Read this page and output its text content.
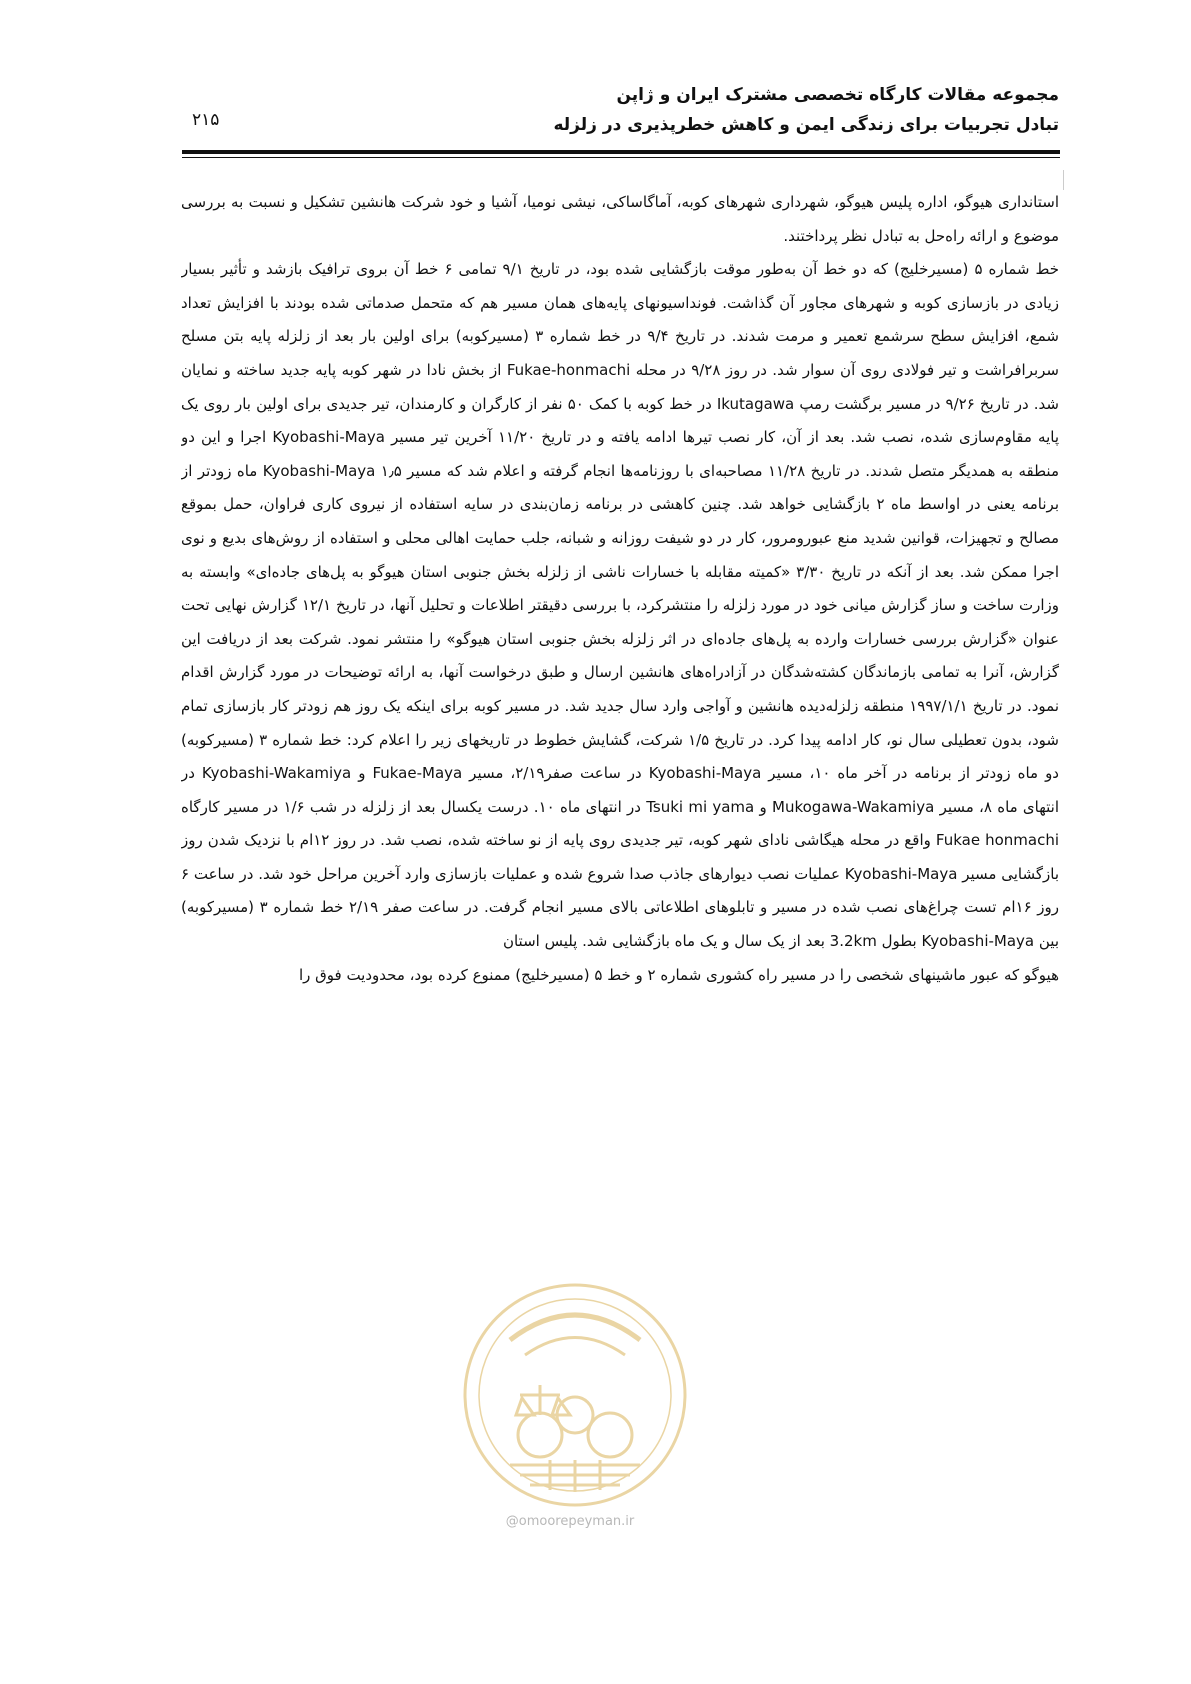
مجموعه مقالات کارگاه تخصصی مشترک ایران و ژاپن
تبادل تجربیات برای زندگی ایمن و کاهش خطرپذیری در زلزله
۲۱۵

استانداری هیوگو، اداره پلیس هیوگو، شهرداری شهرهای کوبه، آماگاساکی، نیشی نومیا، آشیا و خود شرکت هانشین تشکیل و نسبت به بررسی موضوع و ارائه راه‌حل به تبادل نظر پرداختند.

خط شماره ۵ (مسیرخلیج) که دو خط آن به‌طور موقت بازگشایی شده بود، در تاریخ ۹/۱ تمامی ۶ خط آن بروی ترافیک بازشد و تأثیر بسیار زیادی در بازسازی کوبه و شهرهای مجاور آن گذاشت. فونداسیونهای پایه‌های همان مسیر هم که متحمل صدماتی شده بودند با افزایش تعداد شمع، افزایش سطح سرشمع تعمیر و مرمت شدند. در تاریخ ۹/۴ در خط شماره ۳ (مسیرکوبه) برای اولین بار بعد از زلزله پایه بتن مسلح سربرافراشت و تیر فولادی روی آن سوار شد. در روز ۹/۲۸ در محله Fukae-honmachi از بخش نادا در شهر کوبه پایه جدید ساخته و نمایان شد. در تاریخ ۹/۲۶ در مسیر برگشت رمپ Ikutagawa در خط کوبه با کمک ۵۰ نفر از کارگران و کارمندان، تیر جدیدی برای اولین بار روی یک پایه مقاوم‌سازی شده، نصب شد. بعد از آن، کار نصب تیرها ادامه یافته و در تاریخ ۱۱/۲۰ آخرین تیر مسیر Kyobashi-Maya اجرا و این دو منطقه به همدیگر متصل شدند. در تاریخ ۱۱/۲۸ مصاحبه‌ای با روزنامه‌ها انجام گرفته و اعلام شد که مسیر Kyobashi-Maya ۱٫۵ ماه زودتر از برنامه یعنی در اواسط ماه ۲ بازگشایی خواهد شد. چنین کاهشی در برنامه زمان‌بندی در سایه استفاده از نیروی کاری فراوان، حمل بموقع مصالح و تجهیزات، قوانین شدید منع عبورومرور، کار در دو شیفت روزانه و شبانه، جلب حمایت اهالی محلی و استفاده از روش‌های بدیع و نوی اجرا ممکن شد. بعد از آنکه در تاریخ ۳/۳۰ «کمیته مقابله با خسارات ناشی از زلزله بخش جنوبی استان هیوگو به پل‌های جاده‌ای» وابسته به وزارت ساخت و ساز گزارش میانی خود در مورد زلزله را منتشرکرد، با بررسی دقیقتر اطلاعات و تحلیل آنها، در تاریخ ۱۲/۱ گزارش نهایی تحت عنوان «گزارش بررسی خسارات وارده به پل‌های جاده‌ای در اثر زلزله بخش جنوبی استان هیوگو» را منتشر نمود. شرکت بعد از دریافت این گزارش، آنرا به تمامی بازماندگان کشته‌شدگان در آزادراه‌های هانشین ارسال و طبق درخواست آنها، به ارائه توضیحات در مورد گزارش اقدام نمود. در تاریخ ۱۹۹۷/۱/۱ منطقه زلزله‌دیده هانشین و آواجی وارد سال جدید شد. در مسیر کوبه برای اینکه یک روز هم زودتر کار بازسازی تمام شود، بدون تعطیلی سال نو، کار ادامه پیدا کرد. در تاریخ ۱/۵ شرکت، گشایش خطوط در تاریخهای زیر را اعلام کرد: خط شماره ۳ (مسیرکوبه) دو ماه زودتر از برنامه در آخر ماه ۱۰، مسیر Kyobashi-Maya در ساعت صفر۲/۱۹، مسیر Fukae-Maya و Kyobashi-Wakamiya در انتهای ماه ۸، مسیر Mukogawa-Wakamiya و Tsuki mi yama در انتهای ماه ۱۰. درست یکسال بعد از زلزله در شب ۱/۶ در مسیر کارگاه Fukae honmachi واقع در محله هیگاشی نادای شهر کوبه، تیر جدیدی روی پایه از نو ساخته شده، نصب شد. در روز ۱۲ام با نزدیک شدن روز بازگشایی مسیر Kyobashi-Maya عملیات نصب دیوارهای جاذب صدا شروع شده و عملیات بازسازی وارد آخرین مراحل خود شد. در ساعت ۶ روز ۱۶ام تست چراغ‌های نصب شده در مسیر و تابلوهای اطلاعاتی بالای مسیر انجام گرفت. در ساعت صفر ۲/۱۹ خط شماره ۳ (مسیرکوبه) بین Kyobashi-Maya بطول 3.2km بعد از یک سال و یک ماه بازگشایی شد. پلیس استان

هیوگو که عبور ماشینهای شخصی را در مسیر راه کشوری شماره ۲ و خط ۵ (مسیرخلیج) ممنوع کرده بود، محدودیت فوق را

@omoorepeyman.ir
